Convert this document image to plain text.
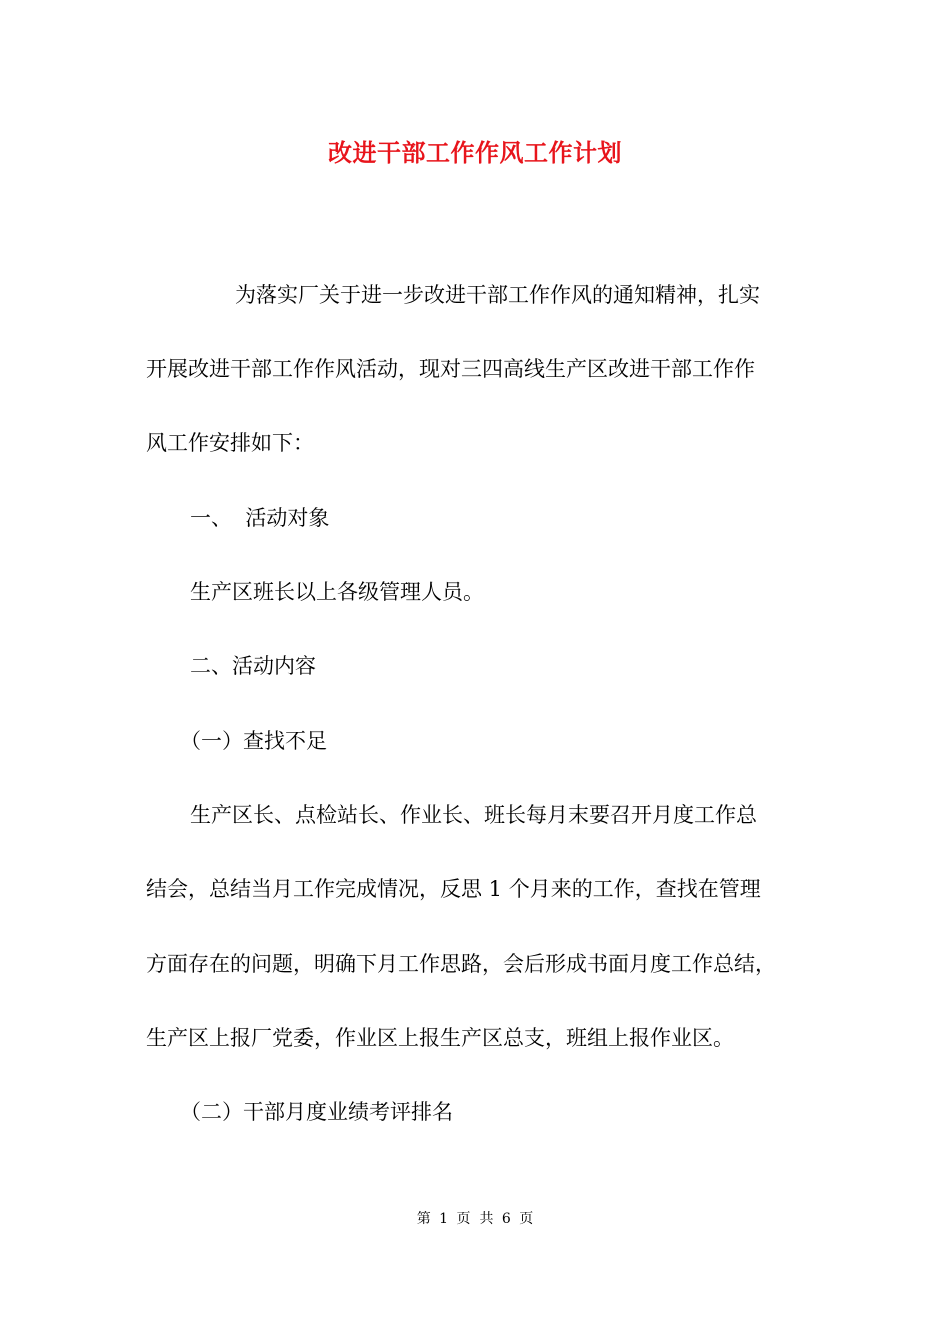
改进干部工作作风工作计划
为落实厂关于进一步改进干部工作作风的通知精神，扎实
开展改进干部工作作风活动，现对三四高线生产区改进干部工作作
风工作安排如下：
一、  活动对象
生产区班长以上各级管理人员。
二、活动内容
（一）查找不足
生产区长、点检站长、作业长、班长每月末要召开月度工作总
结会，总结当月工作完成情况，反思 1 个月来的工作，查找在管理
方面存在的问题，明确下月工作思路，会后形成书面月度工作总结，
生产区上报厂党委，作业区上报生产区总支，班组上报作业区。
（二）干部月度业绩考评排名
第 1 页  共 6 页
